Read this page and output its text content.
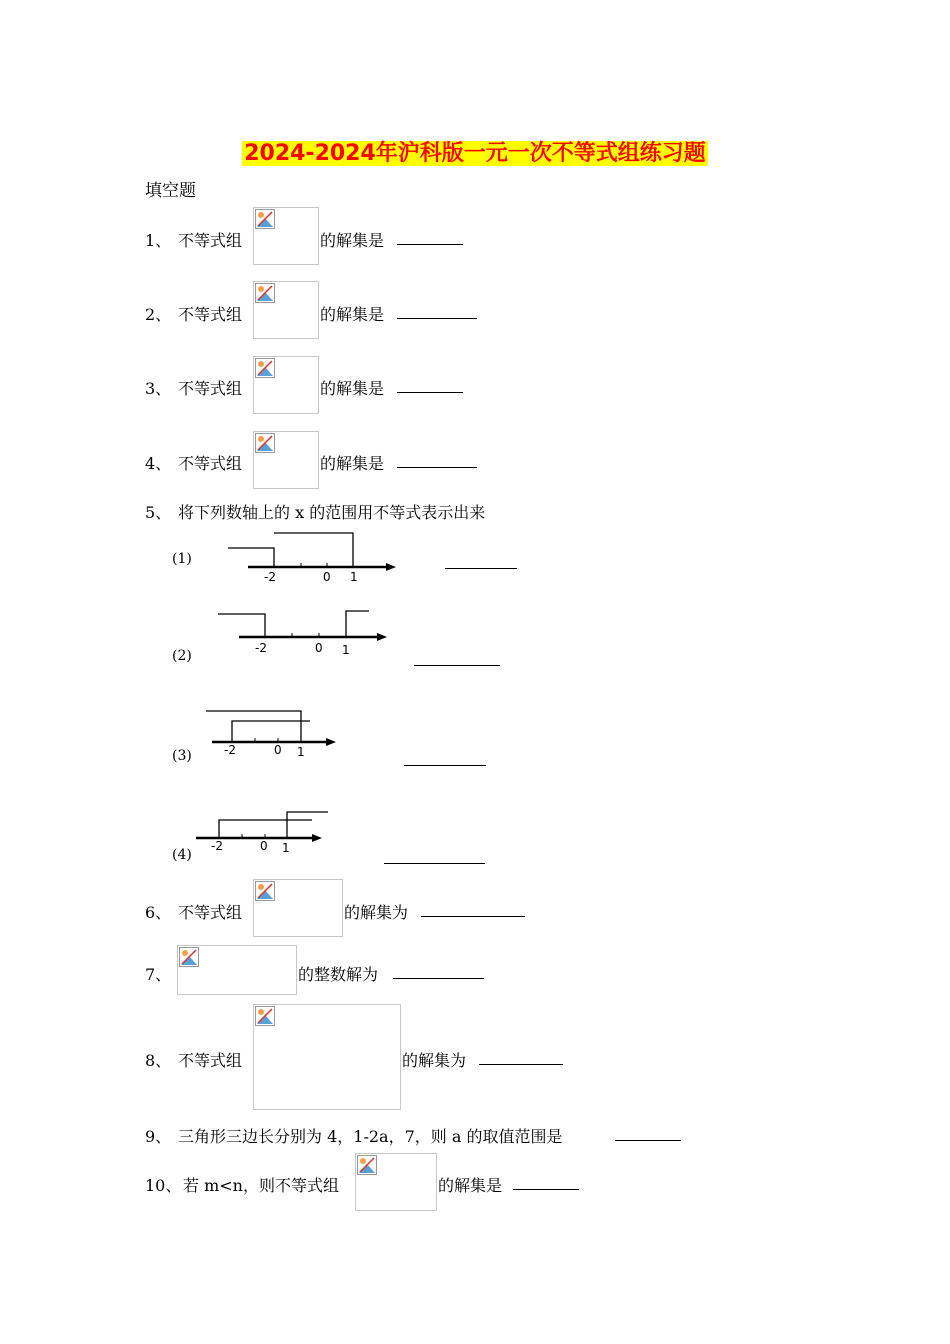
2024-2024年沪科版一元一次不等式组练习题
填空题
1、 不等式组	的解集是
2、 不等式组	的解集是
3、 不等式组	的解集是
4、 不等式组	的解集是
5、 将下列数轴上的 x 的范围用不等式表示出来
(1)
-2	0 1
(2)	-2	0 1
(3)	-2	0 1
(4)
-2	0 1
6、 不等式组	的解集为
7、	的整数解为
8、 不等式组	的解集为
9、 三角形三边长分别为 4，1-2a，7，则 a 的取值范围是
10、 若 m<n，则不等式组	的解集是
